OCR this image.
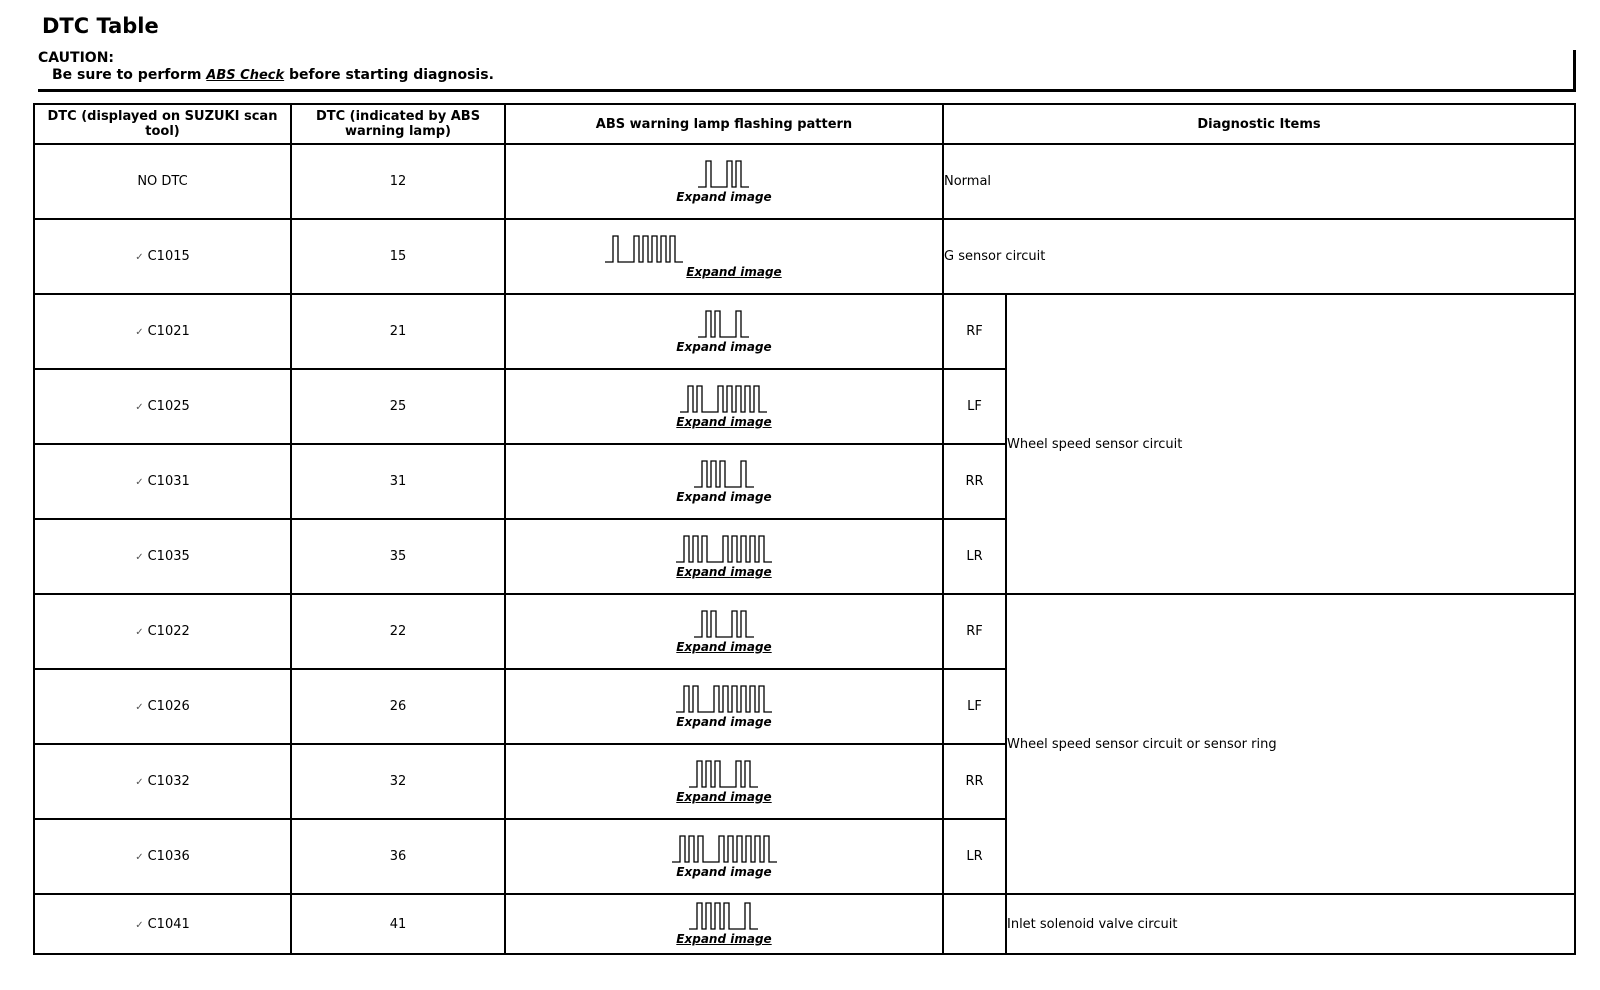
DTC Table
CAUTION:
Be sure to perform ABS Check before starting diagnosis.
DTC (displayed on SUZUKI scan tool)	DTC (indicated by ABS warning lamp)	ABS warning lamp flashing pattern	Diagnostic Items	
NO DTC	12	Expand image	Normal	
✓ C1015	15	Expand image	G sensor circuit	
✓ C1021	21	Expand image	RF	Wheel speed sensor circuit
✓ C1025	25	Expand image	LF	
✓ C1031	31	Expand image	RR	
✓ C1035	35	Expand image	LR	
✓ C1022	22	Expand image	RF	Wheel speed sensor circuit or sensor ring
✓ C1026	26	Expand image	LF	
✓ C1032	32	Expand image	RR	
✓ C1036	36	Expand image	LR	
✓ C1041	41	Expand image		Inlet solenoid valve circuit
